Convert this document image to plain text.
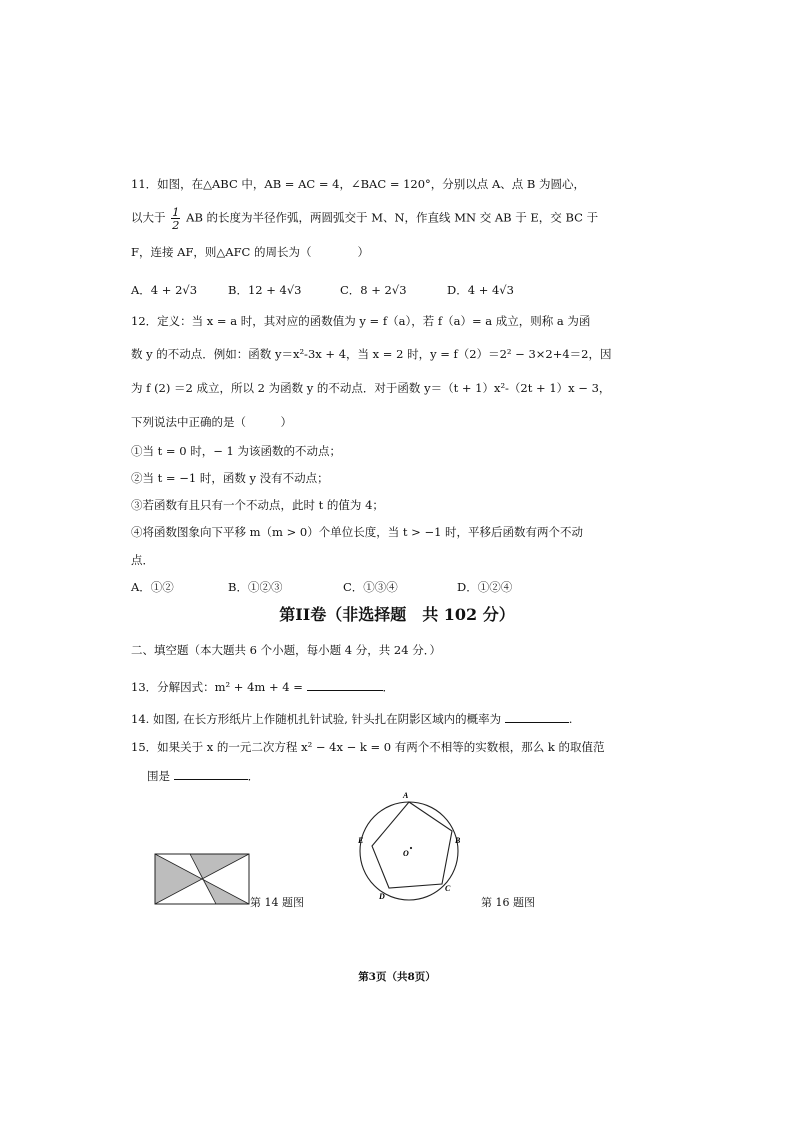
11．如图，在△ABC 中，AB = AC = 4，∠BAC = 120°，分别以点 A、点 B 为圆心，
以大于 $\frac{1}{2}$ AB 的长度为半径作弧，两圆弧交于 M、N，作直线 MN 交 AB 于 E，交 BC 于
F，连接 AF，则△AFC 的周长为（　　　　）
A．4 + 2√3	B．12 + 4√3	C．8 + 2√3	D．4 + 4√3
12．定义：当 x = a 时，其对应的函数值为 y = f（a），若 f（a）= a 成立，则称 a 为函
数 y 的不动点．例如：函数 y＝x²-3x + 4，当 x = 2 时，y = f（2）＝2² − 3×2+4＝2，因
为 f (2) ＝2 成立，所以 2 为函数 y 的不动点．对于函数 y＝（t + 1）x²-（2t + 1）x − 3，
下列说法中正确的是（　　　）
①当 t = 0 时，− 1 为该函数的不动点；
②当 t = −1 时，函数 y 没有不动点；
③若函数有且只有一个不动点，此时 t 的值为 4；
④将函数图象向下平移 m（m > 0）个单位长度，当 t > −1 时，平移后函数有两个不动
点．
A．①②	B．①②③	C．①③④	D．①②④
第II卷（非选择题　共 102 分）
二、填空题（本大题共 6 个小题，每小题 4 分，共 24 分．）
13．分解因式：m² + 4m + 4 =	．
14. 如图, 在长方形纸片上作随机扎针试验, 针头扎在阴影区域内的概率为	.
15．如果关于 x 的一元二次方程 x² − 4x − k = 0 有两个不相等的实数根，那么 k 的取值范
围是	．
第 14 题图
A
B
C
D
E
O
第 16 题图
第3页（共8页）
